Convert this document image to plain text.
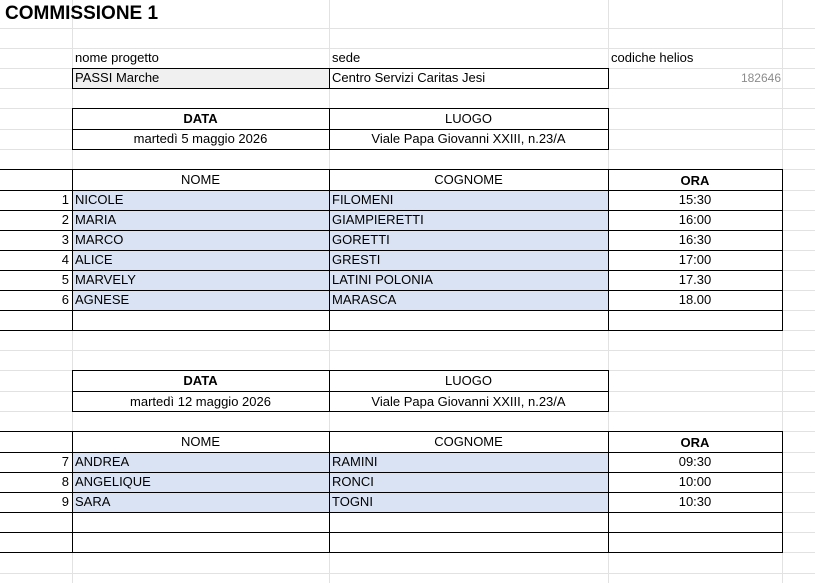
COMMISSIONE 1
nome progetto	sede	codiche helios
PASSI Marche	Centro Servizi Caritas Jesi	182646
DATA	LUOGO
martedì 5 maggio 2026	Viale Papa Giovanni XXIII, n.23/A
NOME	COGNOME	ORA
1 NICOLE	FILOMENI	15:30
2 MARIA	GIAMPIERETTI	16:00
3 MARCO	GORETTI	16:30
4 ALICE	GRESTI	17:00
5 MARVELY	LATINI POLONIA	17.30
6 AGNESE	MARASCA	18.00
DATA	LUOGO
martedì 12 maggio 2026	Viale Papa Giovanni XXIII, n.23/A
NOME	COGNOME	ORA
7 ANDREA	RAMINI	09:30
8 ANGELIQUE	RONCI	10:00
9 SARA	TOGNI	10:30
